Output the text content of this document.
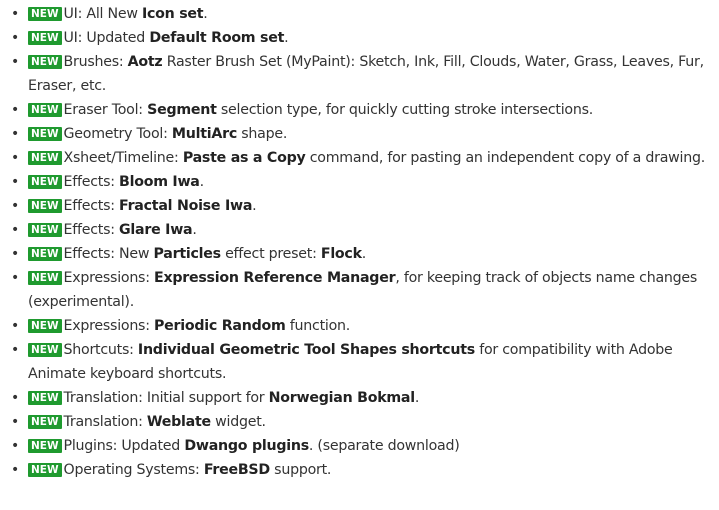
• NEW UI: All New Icon set.
• NEW UI: Updated Default Room set.
• NEW Brushes: Aotz Raster Brush Set (MyPaint): Sketch, Ink, Fill, Clouds, Water, Grass, Leaves, Fur, Eraser, etc.
• NEW Eraser Tool: Segment selection type, for quickly cutting stroke intersections.
• NEW Geometry Tool: MultiArc shape.
• NEW Xsheet/Timeline: Paste as a Copy command, for pasting an independent copy of a drawing.
• NEW Effects: Bloom Iwa.
• NEW Effects: Fractal Noise Iwa.
• NEW Effects: Glare Iwa.
• NEW Effects: New Particles effect preset: Flock.
• NEW Expressions: Expression Reference Manager, for keeping track of objects name changes (experimental).
• NEW Expressions: Periodic Random function.
• NEW Shortcuts: Individual Geometric Tool Shapes shortcuts for compatibility with Adobe Animate keyboard shortcuts.
• NEW Translation: Initial support for Norwegian Bokmal.
• NEW Translation: Weblate widget.
• NEW Plugins: Updated Dwango plugins. (separate download)
• NEW Operating Systems: FreeBSD support.
